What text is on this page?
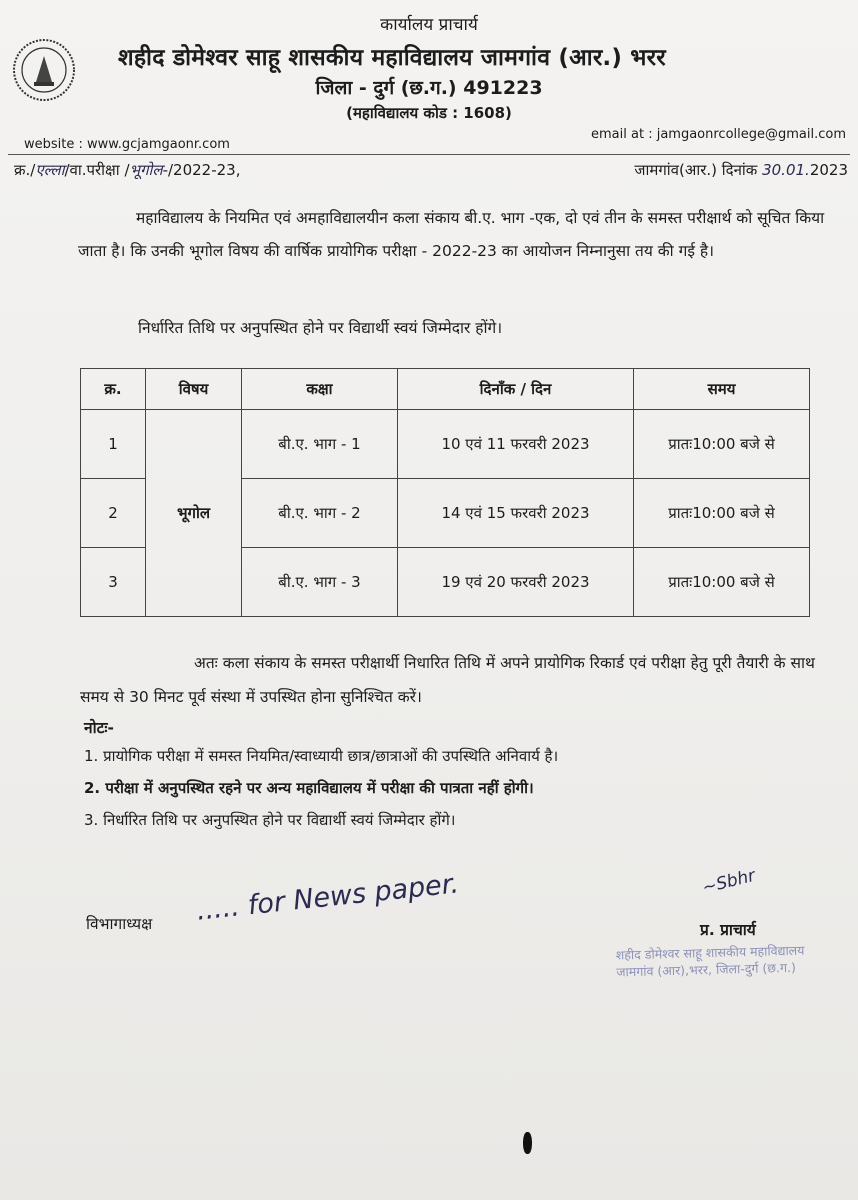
कार्यालय प्राचार्य
शहीद डोमेश्वर साहू शासकीय महाविद्यालय जामगांव (आर.) भरर
जिला - दुर्ग (छ.ग.) 491223
(महाविद्यालय कोड : 1608)
website : www.gcjamgaonr.com
email at : jamgaonrcollege@gmail.com
क्र./एल्ला/वा.परीक्षा /भूगोल-/2022-23,	जामगांव(आर.) दिनांक 30.01.2023
महाविद्यालय के नियमित एवं अमहाविद्यालयीन कला संकाय बी.ए. भाग -एक, दो एवं तीन के समस्त परीक्षार्थ को सूचित किया जाता है। कि उनकी भूगोल विषय की वार्षिक प्रायोगिक परीक्षा - 2022-23 का आयोजन निम्नानुसा तय की गई है।
निर्धारित तिथि पर अनुपस्थित होने पर विद्यार्थी स्वयं जिम्मेदार होंगे।
क्र.	विषय	कक्षा	दिनाँक / दिन	समय
1	भूगोल	बी.ए. भाग - 1	10 एवं 11 फरवरी 2023	प्रातः10:00 बजे से
2		बी.ए. भाग - 2	14 एवं 15 फरवरी 2023	प्रातः10:00 बजे से
3		बी.ए. भाग - 3	19 एवं 20 फरवरी 2023	प्रातः10:00 बजे से
अतः कला संकाय के समस्त परीक्षार्थी निधारित तिथि में अपने प्रायोगिक रिकार्ड एवं परीक्षा हेतु पूरी तैयारी के साथ समय से 30 मिनट पूर्व संस्था में उपस्थित होना सुनिश्चित करें।
नोटः-
1. प्रायोगिक परीक्षा में समस्त नियमित/स्वाध्यायी छात्र/छात्राओं की उपस्थिति अनिवार्य है।
2. परीक्षा में अनुपस्थित रहने पर अन्य महाविद्यालय में परीक्षा की पात्रता नहीं होगी।
3. निर्धारित तिथि पर अनुपस्थित होने पर विद्यार्थी स्वयं जिम्मेदार होंगे।
विभागाध्यक्ष ..... for News paper.	~Sbhr
प्र. प्राचार्य
शहीद डोमेश्वर साहू शासकीय महाविद्यालय
जामगांव (आर),भरर, जिला-दुर्ग (छ.ग.)
